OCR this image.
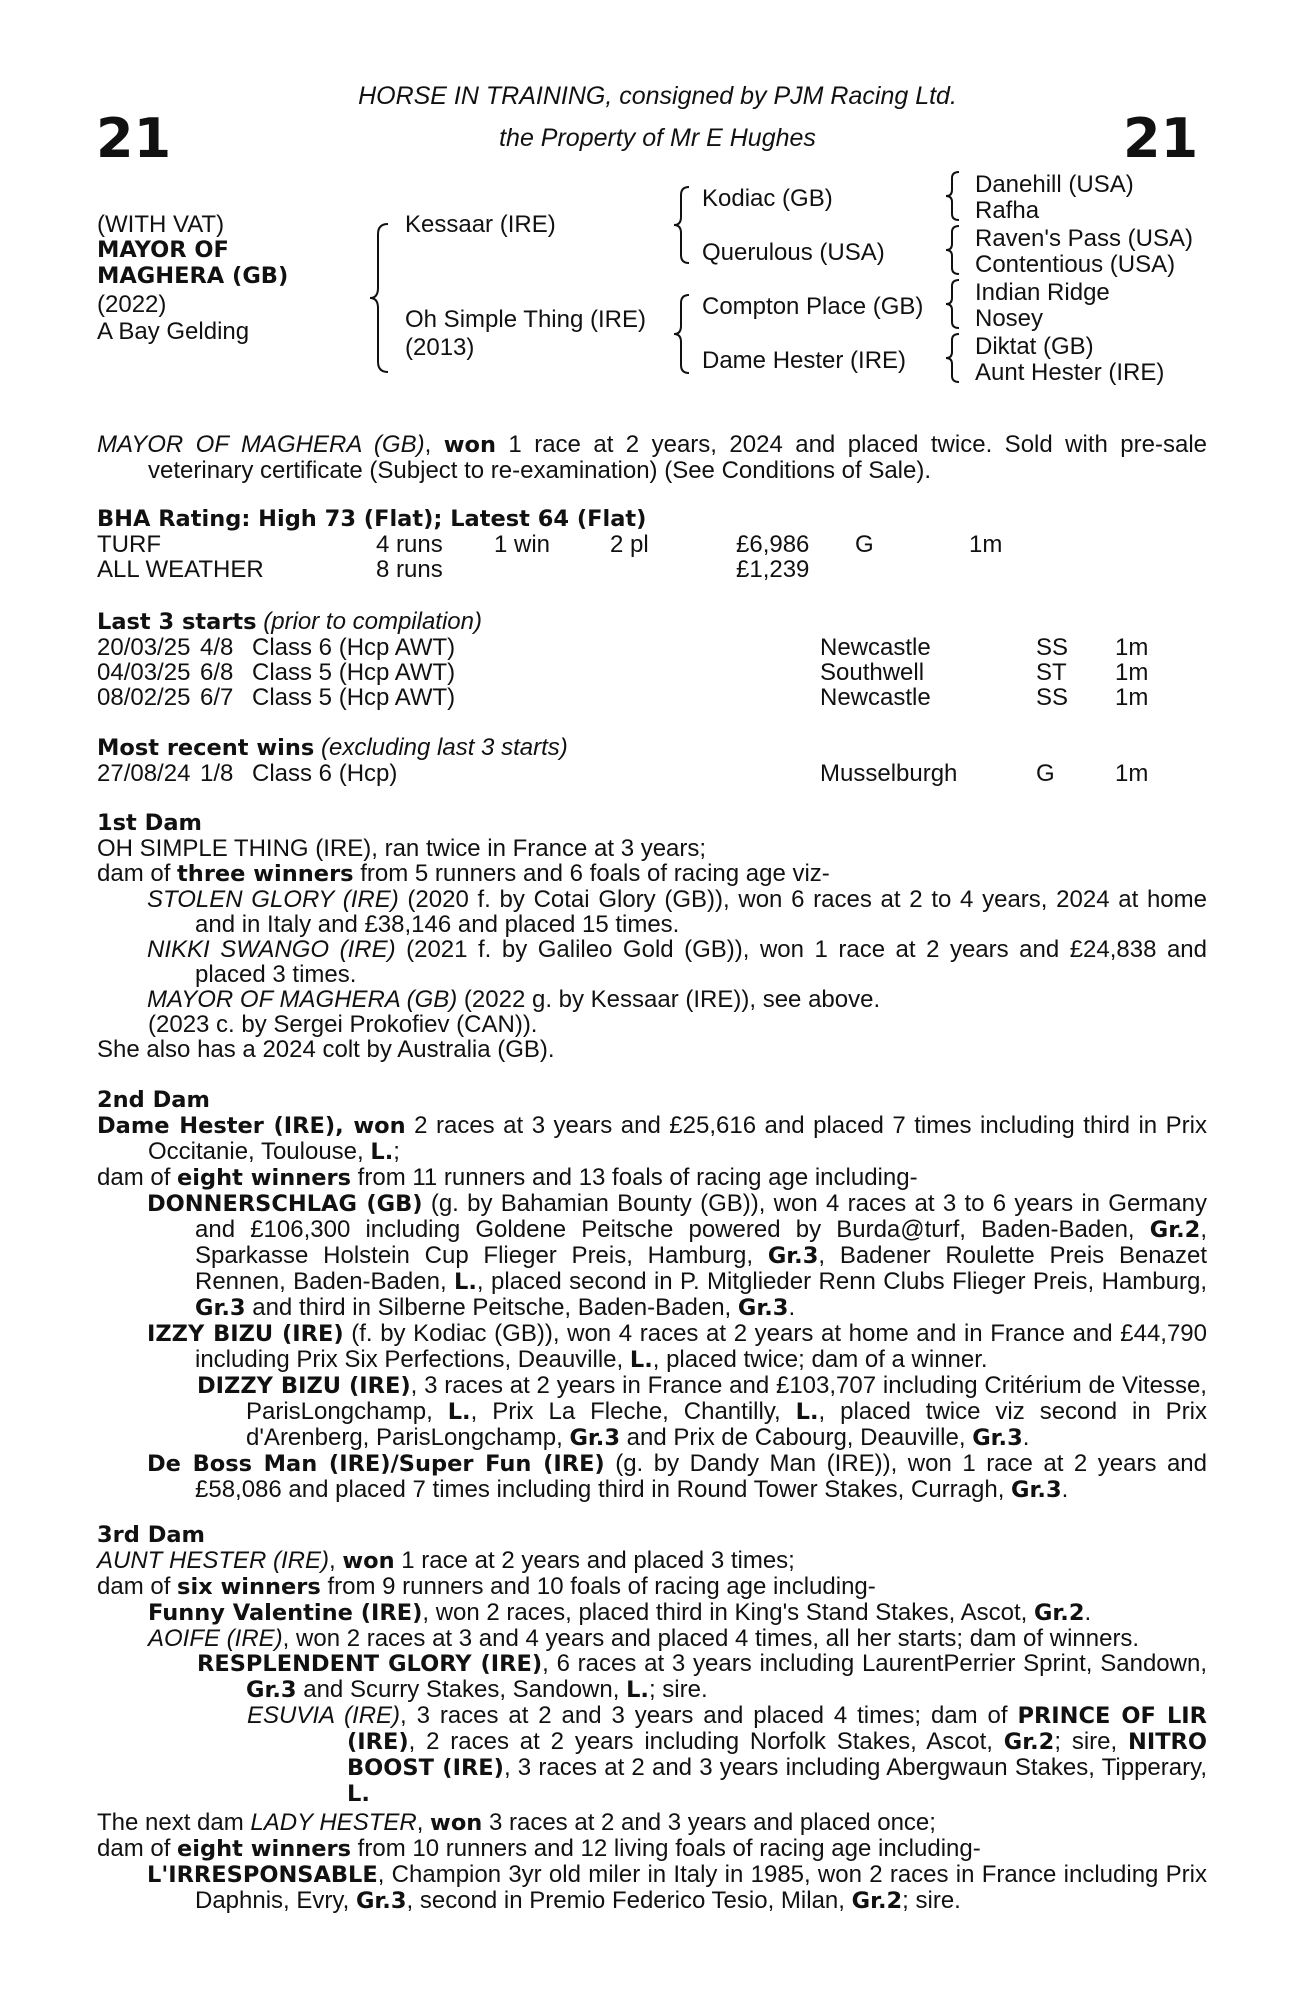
21	21
HORSE IN TRAINING, consigned by PJM Racing Ltd.
the Property of Mr E Hughes
(WITH VAT)
MAYOR OF
MAGHERA (GB)
(2022)
A Bay Gelding
Kessaar (IRE)
Oh Simple Thing (IRE)
(2013)
Kodiac (GB)
Querulous (USA)
Compton Place (GB)
Dame Hester (IRE)
Danehill (USA)
Rafha
Raven's Pass (USA)
Contentious (USA)
Indian Ridge
Nosey
Diktat (GB)
Aunt Hester (IRE)

MAYOR OF MAGHERA (GB), won 1 race at 2 years, 2024 and placed twice. Sold with pre-sale veterinary certificate (Subject to re-examination) (See Conditions of Sale).

BHA Rating: High 73 (Flat); Latest 64 (Flat)
TURF	4 runs 1 win 2 pl	£6,986 G	1m
ALL WEATHER	8 runs	£1,239
Last 3 starts (prior to compilation)
20/03/25 4/8 Class 6 (Hcp AWT)	Newcastle	SS 1m
04/03/25 6/8 Class 5 (Hcp AWT)	Southwell	ST 1m
08/02/25 6/7 Class 5 (Hcp AWT)	Newcastle	SS 1m
Most recent wins (excluding last 3 starts)
27/08/24 1/8 Class 6 (Hcp)	Musselburgh	G	1m
1st Dam

OH SIMPLE THING (IRE), ran twice in France at 3 years;

dam of three winners from 5 runners and 6 foals of racing age viz-

STOLEN GLORY (IRE) (2020 f. by Cotai Glory (GB)), won 6 races at 2 to 4 years, 2024 at home and in Italy and £38,146 and placed 15 times.

NIKKI SWANGO (IRE) (2021 f. by Galileo Gold (GB)), won 1 race at 2 years and £24,838 and placed 3 times.

MAYOR OF MAGHERA (GB) (2022 g. by Kessaar (IRE)), see above.

(2023 c. by Sergei Prokofiev (CAN)).

She also has a 2024 colt by Australia (GB).

2nd Dam

Dame Hester (IRE), won 2 races at 3 years and £25,616 and placed 7 times including third in Prix Occitanie, Toulouse, L.;

dam of eight winners from 11 runners and 13 foals of racing age including-

DONNERSCHLAG (GB) (g. by Bahamian Bounty (GB)), won 4 races at 3 to 6 years in Germany and £106,300 including Goldene Peitsche powered by Burda@turf, Baden-Baden, Gr.2, Sparkasse Holstein Cup Flieger Preis, Hamburg, Gr.3, Badener Roulette Preis Benazet Rennen, Baden-Baden, L., placed second in P. Mitglieder Renn Clubs Flieger Preis, Hamburg, Gr.3 and third in Silberne Peitsche, Baden-Baden, Gr.3.

IZZY BIZU (IRE) (f. by Kodiac (GB)), won 4 races at 2 years at home and in France and £44,790 including Prix Six Perfections, Deauville, L., placed twice; dam of a winner.

DIZZY BIZU (IRE), 3 races at 2 years in France and £103,707 including Critérium de Vitesse, ParisLongchamp, L., Prix La Fleche, Chantilly, L., placed twice viz second in Prix d'Arenberg, ParisLongchamp, Gr.3 and Prix de Cabourg, Deauville, Gr.3.

De Boss Man (IRE)/Super Fun (IRE) (g. by Dandy Man (IRE)), won 1 race at 2 years and £58,086 and placed 7 times including third in Round Tower Stakes, Curragh, Gr.3.

3rd Dam

AUNT HESTER (IRE), won 1 race at 2 years and placed 3 times;

dam of six winners from 9 runners and 10 foals of racing age including-

Funny Valentine (IRE), won 2 races, placed third in King's Stand Stakes, Ascot, Gr.2.

AOIFE (IRE), won 2 races at 3 and 4 years and placed 4 times, all her starts; dam of winners.

RESPLENDENT GLORY (IRE), 6 races at 3 years including LaurentPerrier Sprint, Sandown, Gr.3 and Scurry Stakes, Sandown, L.; sire.

ESUVIA (IRE), 3 races at 2 and 3 years and placed 4 times; dam of PRINCE OF LIR (IRE), 2 races at 2 years including Norfolk Stakes, Ascot, Gr.2; sire, NITRO BOOST (IRE), 3 races at 2 and 3 years including Abergwaun Stakes, Tipperary, L.

The next dam LADY HESTER, won 3 races at 2 and 3 years and placed once;

dam of eight winners from 10 runners and 12 living foals of racing age including-

L'IRRESPONSABLE, Champion 3yr old miler in Italy in 1985, won 2 races in France including Prix Daphnis, Evry, Gr.3, second in Premio Federico Tesio, Milan, Gr.2; sire.
